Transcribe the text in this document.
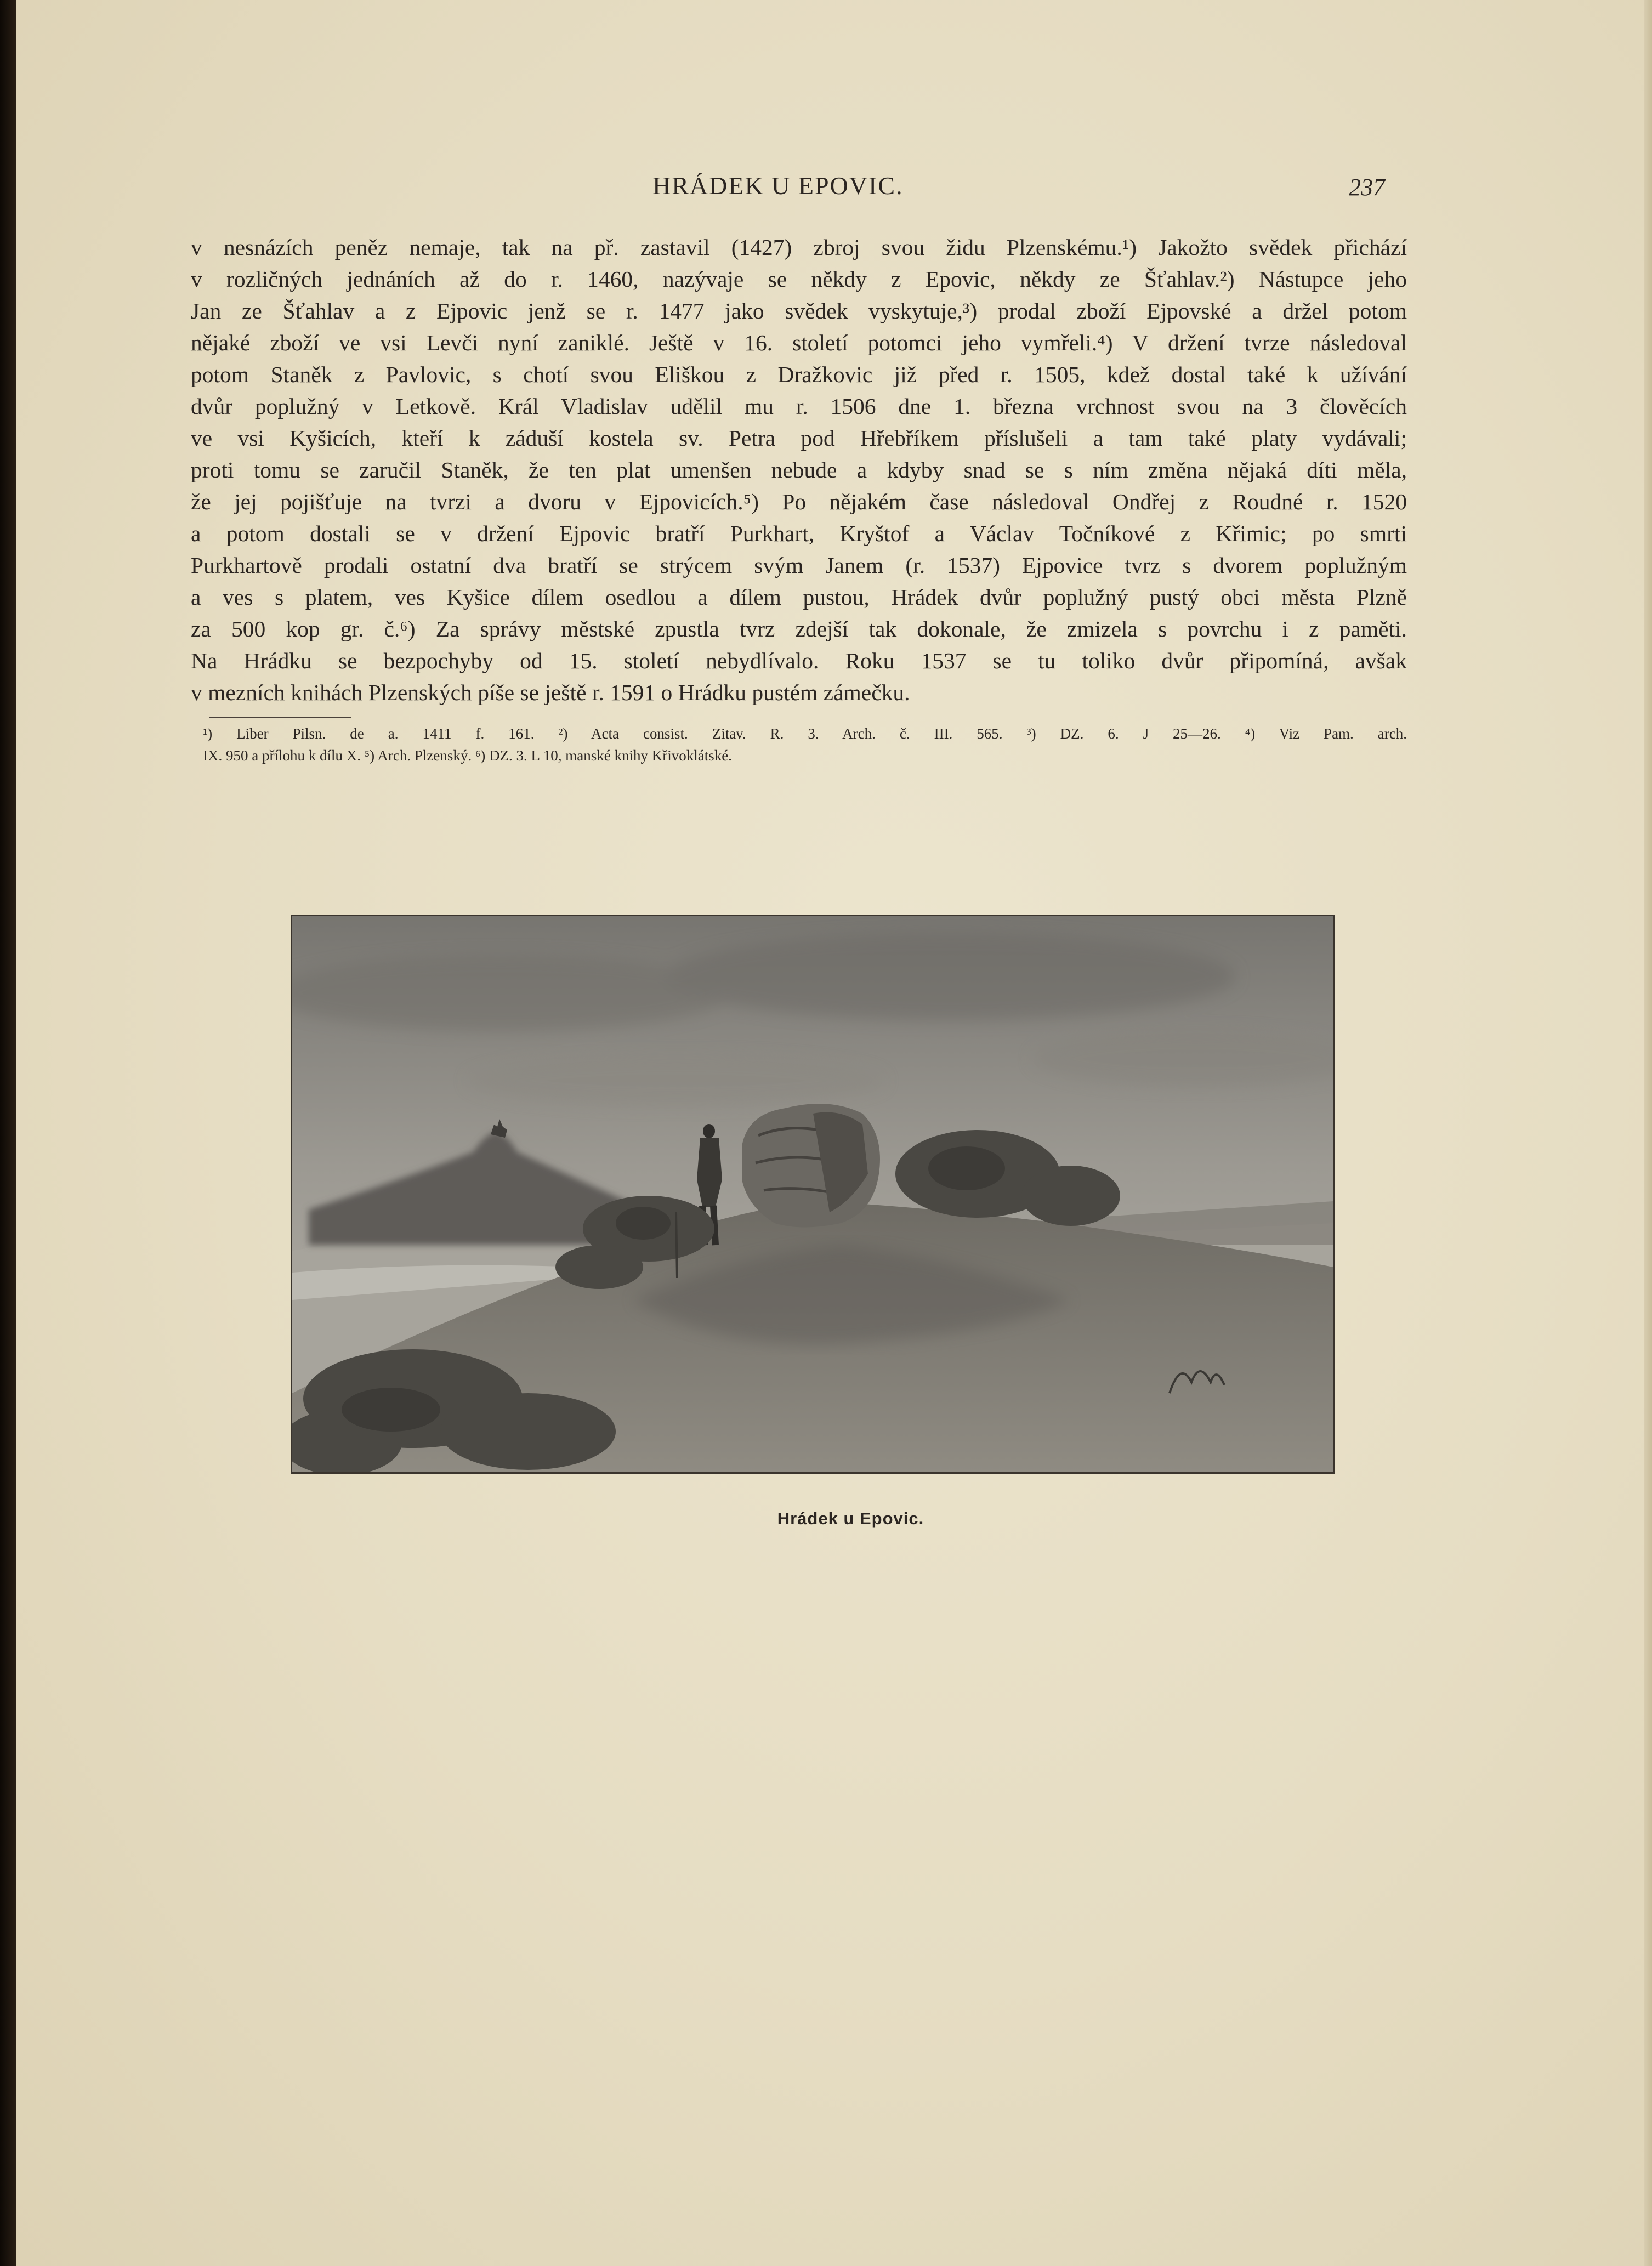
HRÁDEK U EPOVIC.	237
v nesnázích peněz nemaje, tak na př. zastavil (1427) zbroj svou židu Plzenskému.¹) Jakožto svědek přichází
v rozličných jednáních až do r. 1460, nazývaje se někdy z Epovic, někdy ze Šťahlav.²) Nástupce jeho
Jan ze Šťahlav a z Ejpovic jenž se r. 1477 jako svědek vyskytuje,³) prodal zboží Ejpovské a držel potom
nějaké zboží ve vsi Levči nyní zaniklé. Ještě v 16. století potomci jeho vymřeli.⁴) V držení tvrze následoval
potom Staněk z Pavlovic, s chotí svou Eliškou z Dražkovic již před r. 1505, kdež dostal také k užívání
dvůr poplužný v Letkově. Král Vladislav udělil mu r. 1506 dne 1. března vrchnost svou na 3 člověcích
ve vsi Kyšicích, kteří k záduší kostela sv. Petra pod Hřebříkem příslušeli a tam také platy vydávali;
proti tomu se zaručil Staněk, že ten plat umenšen nebude a kdyby snad se s ním změna nějaká díti měla,
že jej pojišťuje na tvrzi a dvoru v Ejpovicích.⁵) Po nějakém čase následoval Ondřej z Roudné r. 1520
a potom dostali se v držení Ejpovic bratří Purkhart, Kryštof a Václav Točníkové z Křimic; po smrti
Purkhartově prodali ostatní dva bratří se strýcem svým Janem (r. 1537) Ejpovice tvrz s dvorem poplužným
a ves s platem, ves Kyšice dílem osedlou a dílem pustou, Hrádek dvůr poplužný pustý obci města Plzně
za 500 kop gr. č.⁶) Za správy městské zpustla tvrz zdejší tak dokonale, že zmizela s povrchu i z paměti.
Na Hrádku se bezpochyby od 15. století nebydlívalo. Roku 1537 se tu toliko dvůr připomíná, avšak
v mezních knihách Plzenských píše se ještě r. 1591 o Hrádku pustém zámečku.
¹) Liber Pilsn. de a. 1411 f. 161. ²) Acta consist. Zitav. R. 3. Arch. č. III. 565. ³) DZ. 6. J 25—26. ⁴) Viz Pam. arch.
IX. 950 a přílohu k dílu X. ⁵) Arch. Plzenský. ⁶) DZ. 3. L 10, manské knihy Křivoklátské.
Hrádek u Epovic.
